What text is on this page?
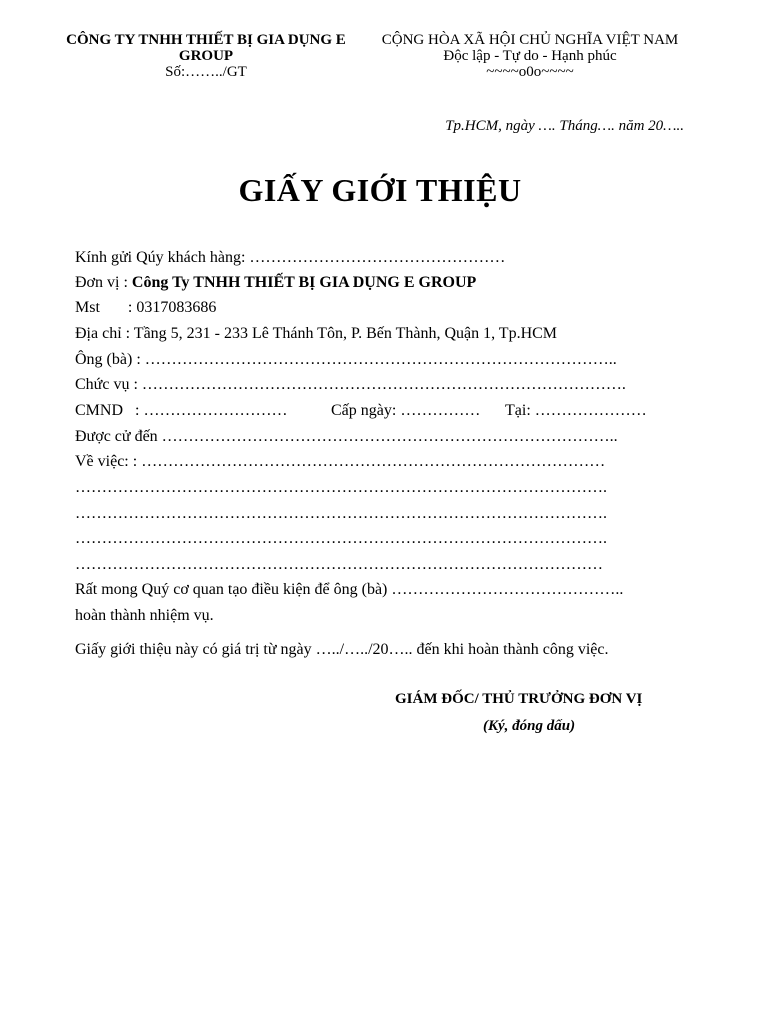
CÔNG TY TNHH THIẾT BỊ GIA DỤNG E
GROUP
Số:……../GT
CỘNG HÒA XÃ HỘI CHỦ NGHĨA VIỆT NAM
Độc lập - Tự do - Hạnh phúc
~~~~o0o~~~~
Tp.HCM, ngày …. Tháng…. năm 20…..
GIẤY GIỚI THIỆU
Kính gửi Qúy khách hàng: …………………………………………
Đơn vị : Công Ty TNHH THIẾT BỊ GIA DỤNG E GROUP
Mst       : 0317083686
Địa chỉ : Tầng 5, 231 - 233 Lê Thánh Tôn, P. Bến Thành, Quận 1, Tp.HCM
Ông (bà) : ……………………………………………………………………………..
Chức vụ : ……………………………………………………………………………….
CMND   : ………………………	Cấp ngày: …………… Tại: …………………
Được cử đến …………………………………………………………………………..
Về việc: : ……………………………………………………………………………
……………………………………………………………………………………….
……………………………………………………………………………………….
……………………………………………………………………………………….
………………………………………………………………………………………
Rất mong Quý cơ quan tạo điều kiện để ông (bà) ……………………………………..
hoàn thành nhiệm vụ.
Giấy giới thiệu này có giá trị từ ngày …../…../20….. đến khi hoàn thành công việc.
GIÁM ĐỐC/ THỦ TRƯỞNG ĐƠN VỊ
(Ký, đóng dấu)
